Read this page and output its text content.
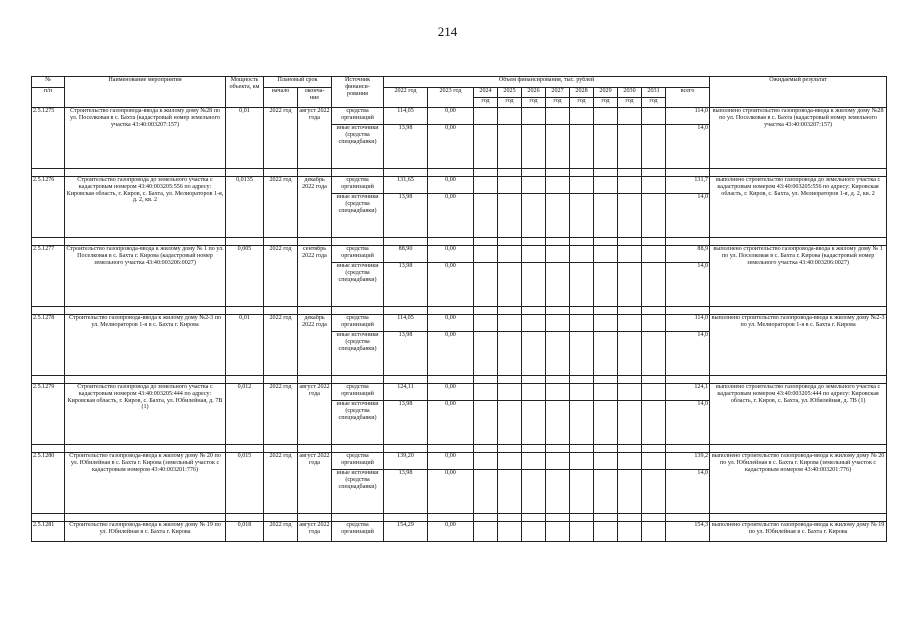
214
№	Наименование мероприятия	Мощность
объекта, км	Плановый срок		Источник
финанси-
рования	Объем финансирования, тыс. рублей											Ожидаемый результат
п/п			начало	оконча-
ние		2022 год	2023 год	2024	2025	2026	2027	2028	2029	2030	2031	всего	
								год	год	год	год	год	год	год	год		
2.5.1275	Строительство газопровода-ввода к жилому дому №28 по ул. Поселковая в с. Бахта (кадастровый номер земельного участка 43:40:003207:157)	0,01	2022 год	август 2022 года	средства организаций	114,05	0,00									114,0	выполнено строительство газопровода-ввода к жилому дому №28 по ул. Поселковая в с. Бахта (кадастровый номер земельного участка 43:40:003207:157)
					иные источники (средства спецнадбавки)	13,98	0,00									14,0	

2.5.1276	Строительство газопровода до земельного участка с кадастровым номером 43:40:003205:556 по адресу: Кировская область, г. Киров, с. Бахта, ул. Мелиораторов 1-я, д. 2, кв. 2	0,0135	2022 год	декабрь 2022 года	средства организаций	131,65	0,00									131,7	выполнено строительство газопровода до земельного участка с кадастровым номером 43:40:003205:556 по адресу: Кировская область, г. Киров, с. Бахта, ул. Мелиораторов 1-я, д. 2, кв. 2
					иные источники (средства спецнадбавки)	13,98	0,00									14,0	

2.5.1277	Строительство газопровода-ввода к жилому дому № 1 по ул. Поселковая в с. Бахта г. Кирова (кадастровый номер земельного участка 43:40:003206:0027)	0,005	2022 год	сентябрь 2022 года	средства организаций	88,90	0,00									88,9	выполнено строительство газопровода-ввода к жилому дому № 1 по ул. Поселковая в с. Бахта г. Кирова (кадастровый номер земельного участка 43:40:003206:0027)
					иные источники (средства спецнадбавки)	13,98	0,00									14,0	

2.5.1278	Строительство газопровода-ввода к жилому дому №2-3 по ул. Мелиораторов 1-я в с. Бахта г. Кирова	0,01	2022 год	декабрь 2022 года	средства организаций	114,05	0,00									114,0	выполнено строительство газопровода-ввода к жилому дому №2-3 по ул. Мелиораторов 1-я в с. Бахта г. Кирова
					иные источники (средства спецнадбавки)	13,98	0,00									14,0	

2.5.1279	Строительство газопровода до земельного участка с кадастровым номером 43:40:003205:444 по адресу: Кировская область, г. Киров, с. Бахта, ул. Юбилейная, д. 7В (1)	0,012	2022 год	август 2022 года	средства организаций	124,11	0,00									124,1	выполнено строительство газопровода до земельного участка с кадастровым номером 43:40:003205:444 по адресу: Кировская область, г. Киров, с. Бахта, ул. Юбилейная, д. 7В (1)
					иные источники (средства спецнадбавки)	13,98	0,00									14,0	

2.5.1280	Строительство газопровода-ввода к жилому дому № 20 по ул. Юбилейная в с. Бахта г. Кирова (земельный участок с кадастровым номером 43:40:003201:776)	0,015	2022 год	август 2022 года	средства организаций	139,20	0,00									139,2	выполнено строительство газопровода-ввода к жилому дому № 20 по ул. Юбилейная в с. Бахта г. Кирова (земельный участок с кадастровым номером 43:40:003201:776)
					иные источники (средства спецнадбавки)	13,98	0,00									14,0	

2.5.1281	Строительство газопровода-ввода к жилому дому № 19 по ул. Юбилейная в с. Бахта г. Кирова	0,018	2022 год	август 2022 года	средства организаций	154,29	0,00									154,3	выполнено строительство газопровода-ввода к жилому дому № 19 по ул. Юбилейная в с. Бахта г. Кирова
